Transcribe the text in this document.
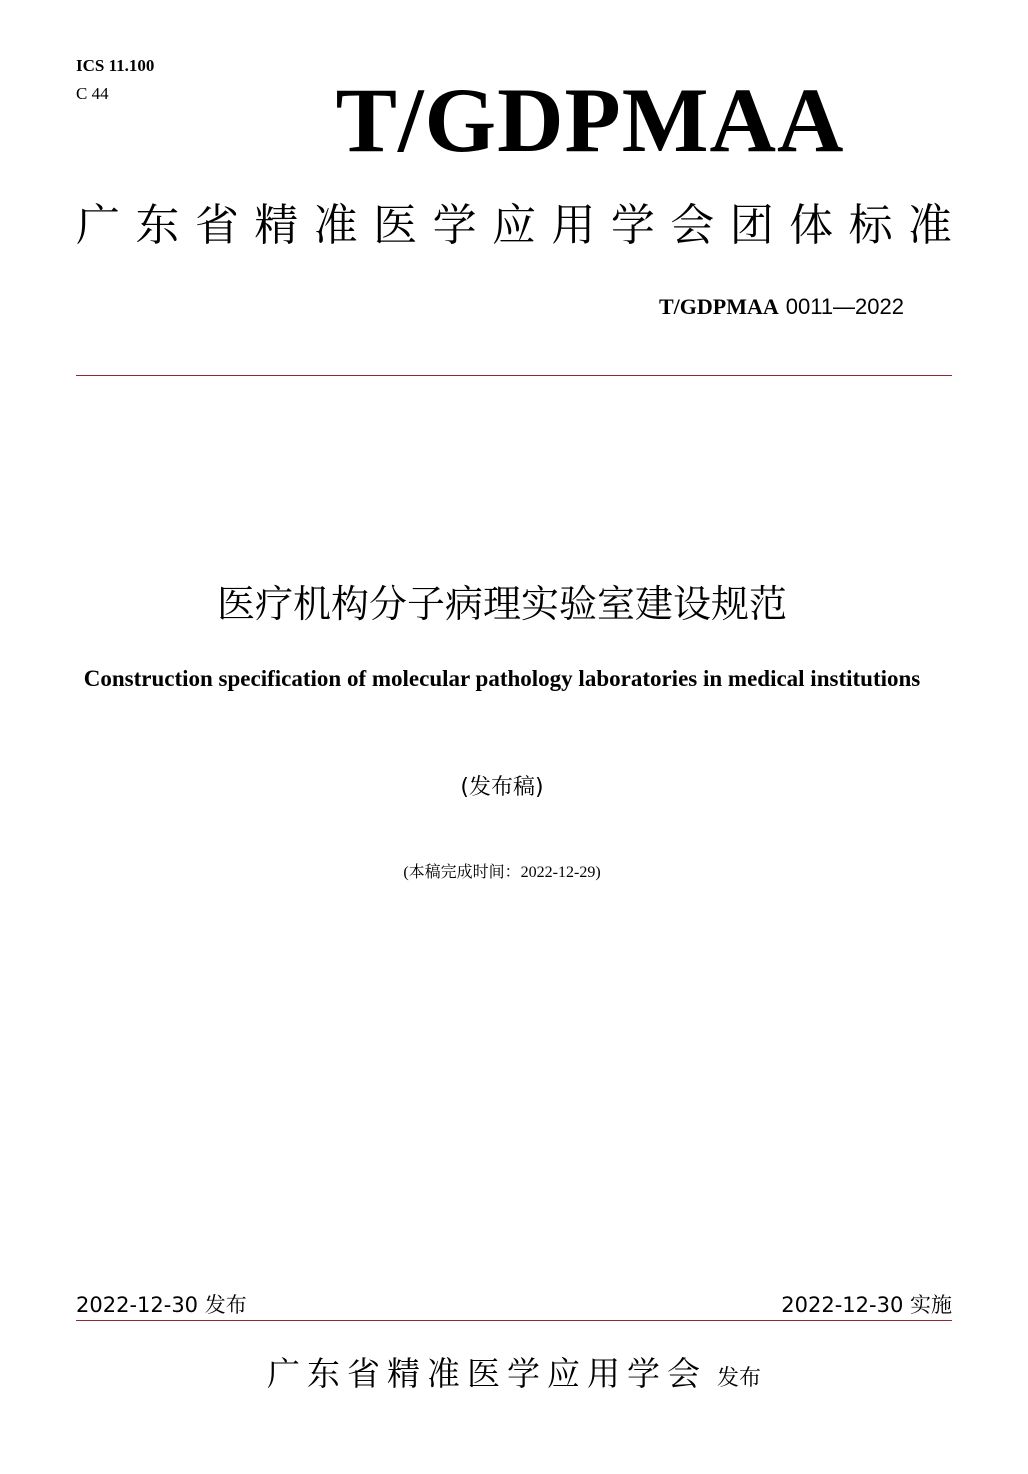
ICS 11.100
C 44	T/GDPMAA
广东省精准医学应用学会团体标准
T/GDPMAA 0011—2022
医疗机构分子病理实验室建设规范
Construction specification of molecular pathology laboratories in medical institutions
(发布稿)
(本稿完成时间：2022-12-29)
2022-12-30 发布	2022-12-30 实施
广东省精准医学应用学会 发布
